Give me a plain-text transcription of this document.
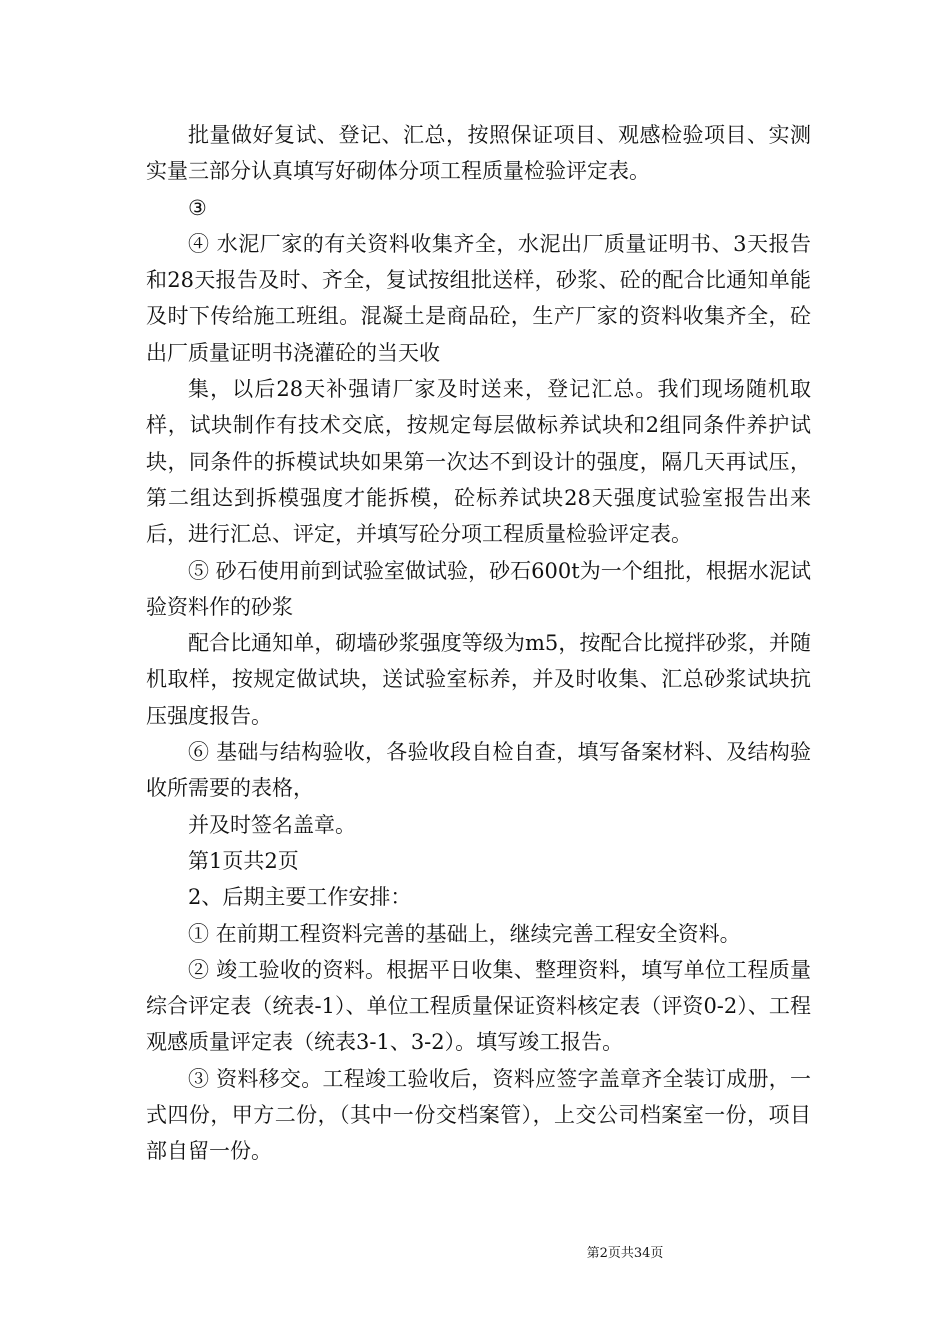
批量做好复试、登记、汇总，按照保证项目、观感检验项目、实测实量三部分认真填写好砌体分项工程质量检验评定表。

③

④ 水泥厂家的有关资料收集齐全，水泥出厂质量证明书、3天报告和28天报告及时、齐全，复试按组批送样，砂浆、砼的配合比通知单能及时下传给施工班组。混凝土是商品砼，生产厂家的资料收集齐全，砼出厂质量证明书浇灌砼的当天收

集，以后28天补强请厂家及时送来，登记汇总。我们现场随机取样，试块制作有技术交底，按规定每层做标养试块和2组同条件养护试块，同条件的拆模试块如果第一次达不到设计的强度，隔几天再试压，第二组达到拆模强度才能拆模，砼标养试块28天强度试验室报告出来后，进行汇总、评定，并填写砼分项工程质量检验评定表。

⑤ 砂石使用前到试验室做试验，砂石600t为一个组批，根据水泥试验资料作的砂浆

配合比通知单，砌墙砂浆强度等级为m5，按配合比搅拌砂浆，并随机取样，按规定做试块，送试验室标养，并及时收集、汇总砂浆试块抗压强度报告。

⑥ 基础与结构验收，各验收段自检自查，填写备案材料、及结构验收所需要的表格，

并及时签名盖章。

第1页共2页

2、后期主要工作安排：

① 在前期工程资料完善的基础上，继续完善工程安全资料。

② 竣工验收的资料。根据平日收集、整理资料，填写单位工程质量综合评定表（统表-1）、单位工程质量保证资料核定表（评资0-2）、工程观感质量评定表（统表3-1、3-2）。填写竣工报告。

③ 资料移交。工程竣工验收后，资料应签字盖章齐全装订成册，一式四份，甲方二份，（其中一份交档案管），上交公司档案室一份，项目部自留一份。

第2页共34页
